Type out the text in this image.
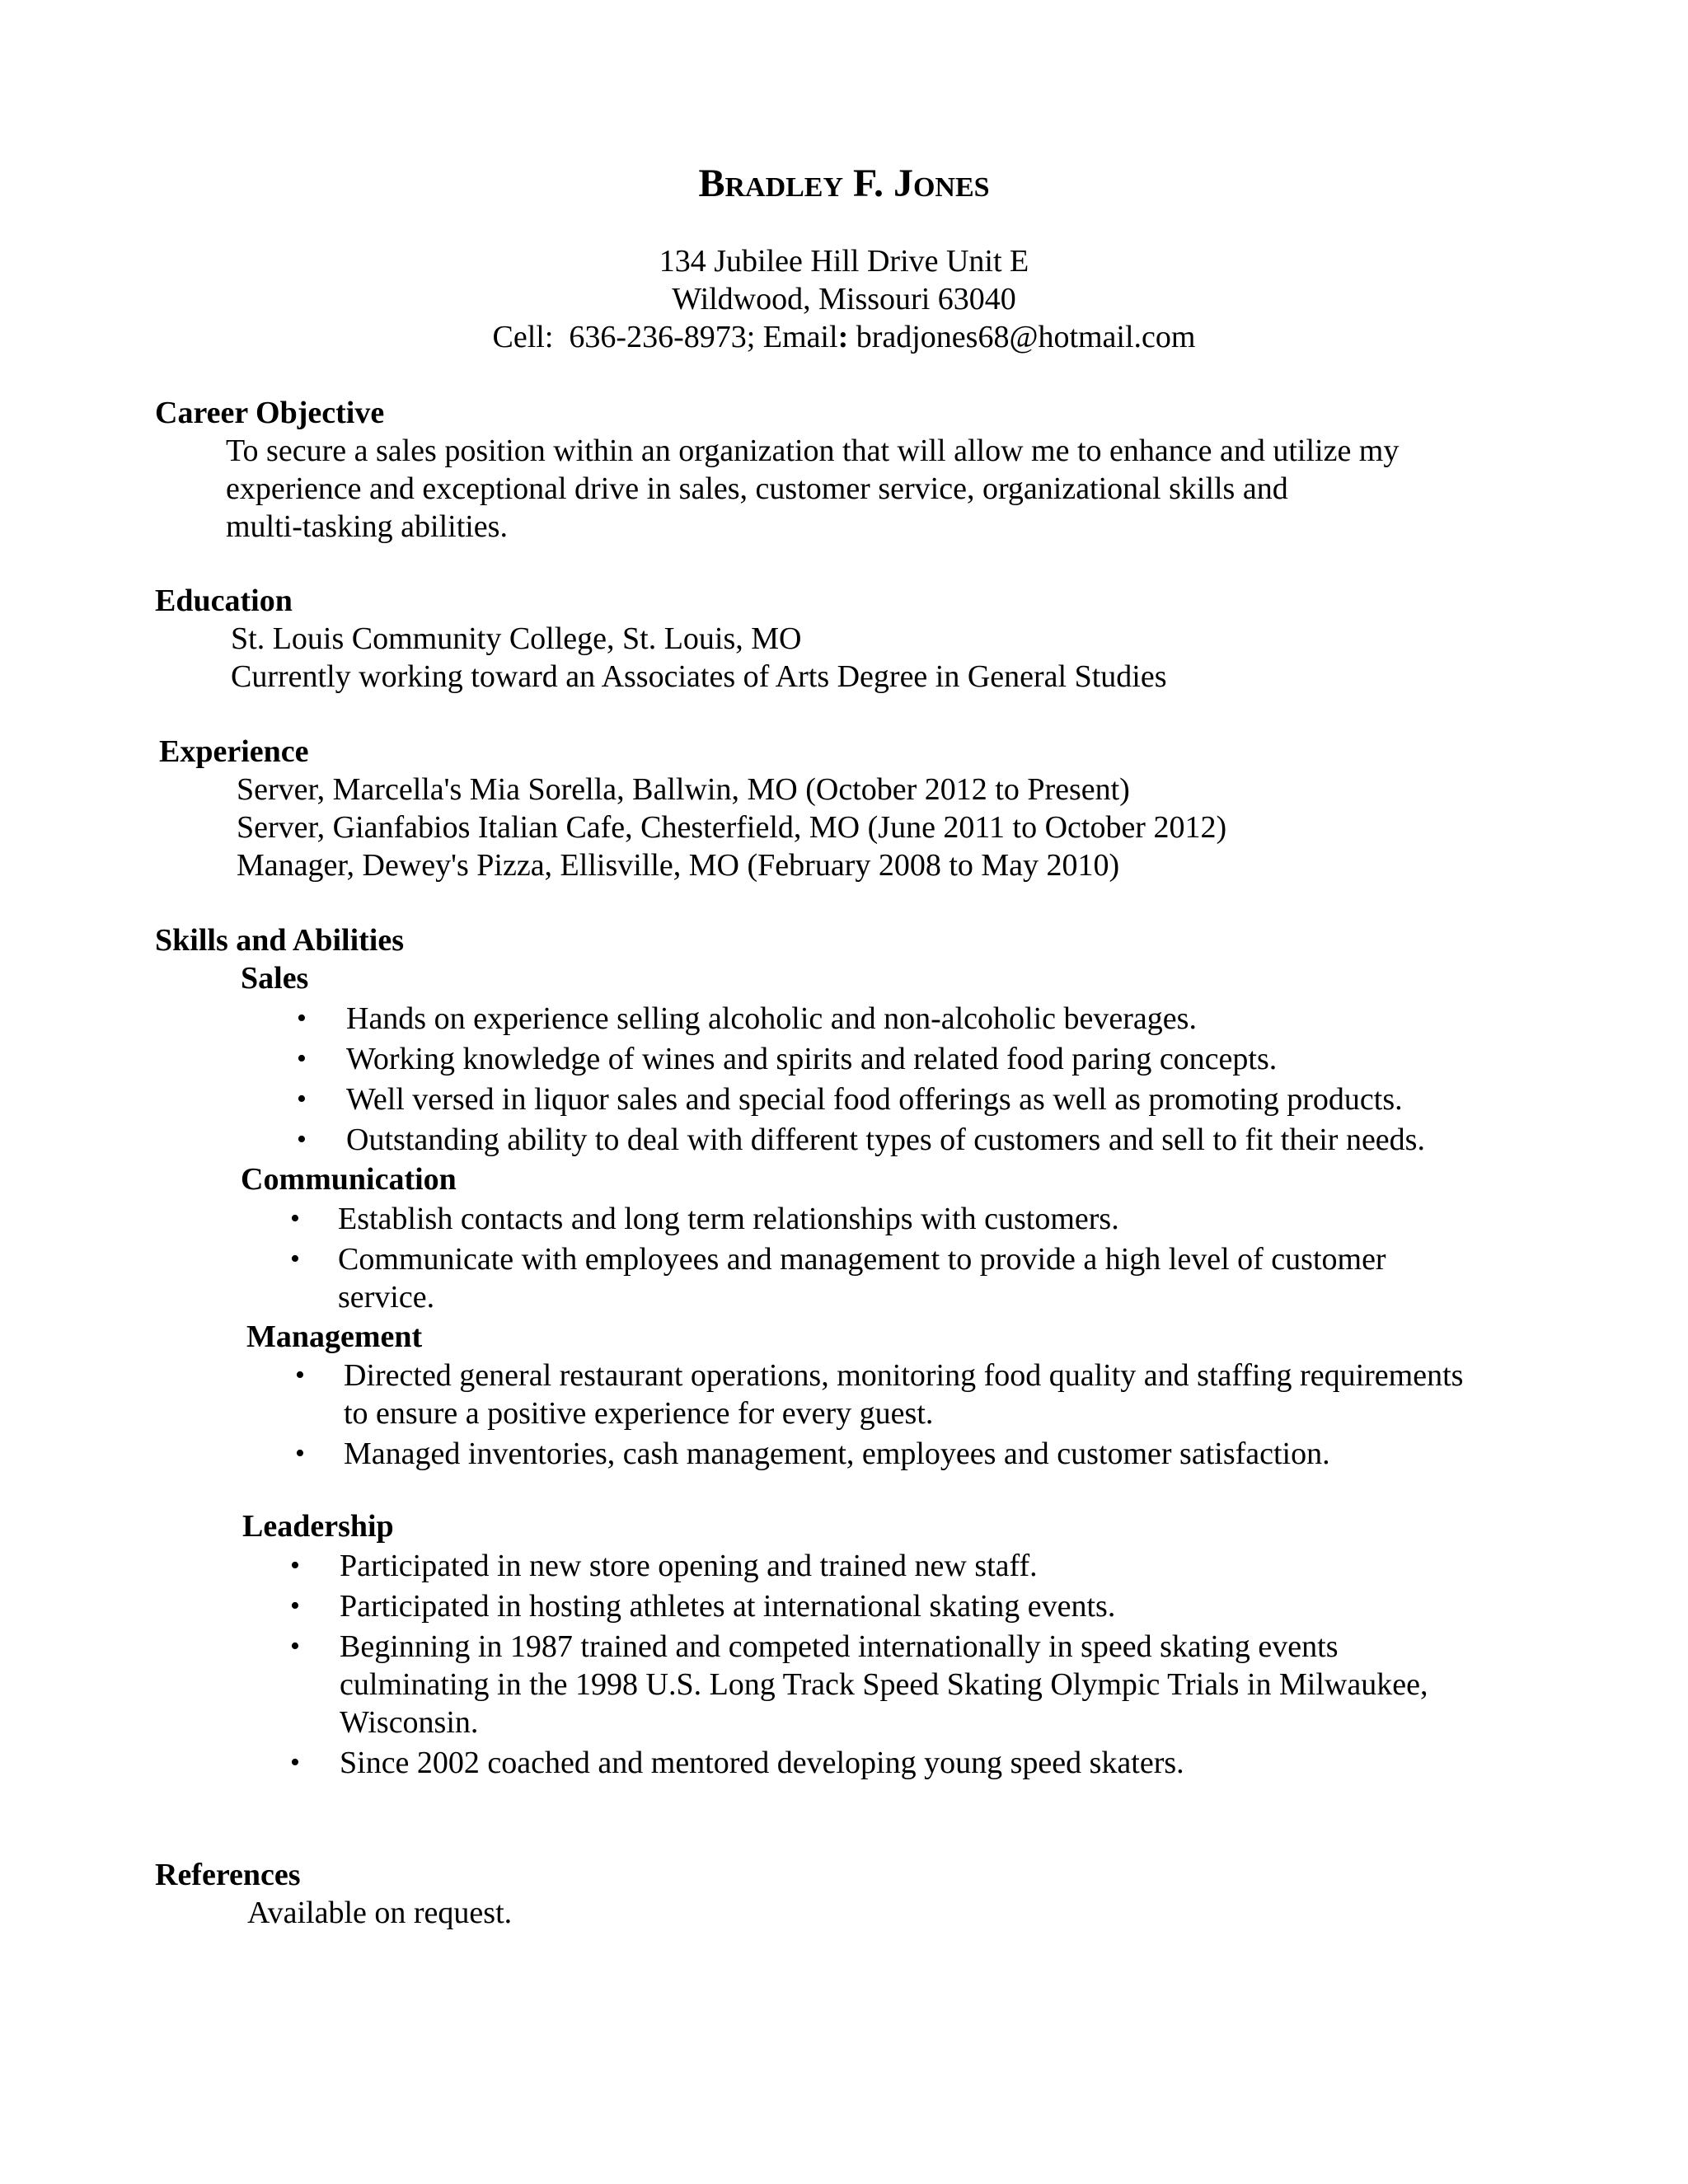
Bradley F. Jones
134 Jubilee Hill Drive Unit E
Wildwood, Missouri 63040
Cell: 636-236-8973; Email: bradjones68@hotmail.com
Career Objective
To secure a sales position within an organization that will allow me to enhance and utilize my
experience and exceptional drive in sales, customer service, organizational skills and
multi-tasking abilities.
Education
St. Louis Community College, St. Louis, MO
Currently working toward an Associates of Arts Degree in General Studies
Experience
Server, Marcella's Mia Sorella, Ballwin, MO (October 2012 to Present)
Server, Gianfabios Italian Cafe, Chesterfield, MO (June 2011 to October 2012)
Manager, Dewey's Pizza, Ellisville, MO (February 2008 to May 2010)
Skills and Abilities
Sales
• Hands on experience selling alcoholic and non-alcoholic beverages.
• Working knowledge of wines and spirits and related food paring concepts.
• Well versed in liquor sales and special food offerings as well as promoting products.
• Outstanding ability to deal with different types of customers and sell to fit their needs.
Communication
• Establish contacts and long term relationships with customers.
• Communicate with employees and management to provide a high level of customer
service.
Management
• Directed general restaurant operations, monitoring food quality and staffing requirements
to ensure a positive experience for every guest.
• Managed inventories, cash management, employees and customer satisfaction.
Leadership
• Participated in new store opening and trained new staff.
• Participated in hosting athletes at international skating events.
• Beginning in 1987 trained and competed internationally in speed skating events
culminating in the 1998 U.S. Long Track Speed Skating Olympic Trials in Milwaukee,
Wisconsin.
• Since 2002 coached and mentored developing young speed skaters.
References
Available on request.
